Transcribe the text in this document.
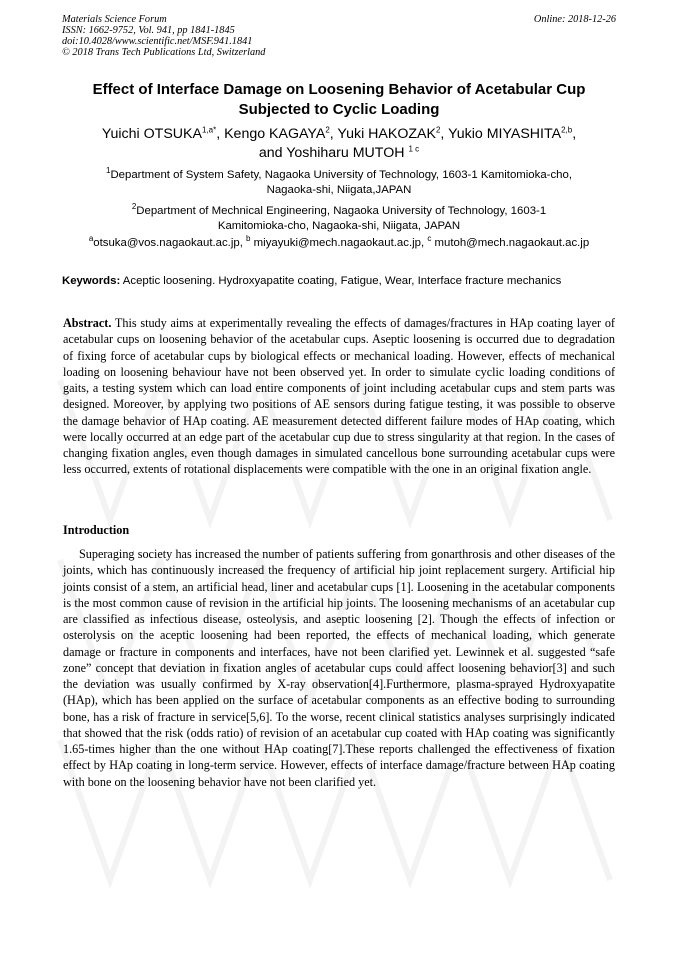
Materials Science Forum	Online: 2018-12-26
ISSN: 1662-9752, Vol. 941, pp 1841-1845
doi:10.4028/www.scientific.net/MSF.941.1841
© 2018 Trans Tech Publications Ltd, Switzerland
Effect of Interface Damage on Loosening Behavior of Acetabular Cup
Subjected to Cyclic Loading
Yuichi $OTSUKA^{1,a*}$, Kengo KAGAYA$^2$, Yuki HAKOZAK$^2$, Yukio MIYASHITA$^{2,b}$,
and Yoshiharu MUTOH $^{1 c}$
$^1$Department of System Safety, Nagaoka University of Technology, 1603-1 Kamitomioka-cho,
Nagaoka-shi, Niigata,JAPAN
$^2$Department of Mechnical Engineering, Nagaoka University of Technology, 1603-1
Kamitomioka-cho, Nagaoka-shi, Niigata, JAPAN
$^a$otsuka@vos.nagaokaut.ac.jp, $^b$ miyayuki@mech.nagaokaut.ac.jp, $^c$ mutoh@mech.nagaokaut.ac.jp
Keywords: Aceptic loosening. Hydroxyapatite coating, Fatigue, Wear, Interface fracture mechanics
Abstract. This study aims at experimentally revealing the effects of damages/fractures in HAp coating layer of acetabular cups on loosening behavior of the acetabular cups. Aseptic loosening is occurred due to degradation of fixing force of acetabular cups by biological effects or mechanical loading. However, effects of mechanical loading on loosening behaviour have not been observed yet. In order to simulate cyclic loading conditions of gaits, a testing system which can load entire components of joint including acetabular cups and stem parts was designed. Moreover, by applying two positions of AE sensors during fatigue testing, it was possible to observe the damage behavior of HAp coating. AE measurement detected different failure modes of HAp coating, which were locally occurred at an edge part of the acetabular cup due to stress singularity at that region. In the cases of changing fixation angles, even though damages in simulated cancellous bone surrounding acetabular cups were less occurred, extents of rotational displacements were compatible with the one in an original fixation angle.
Introduction
Superaging society has increased the number of patients suffering from gonarthrosis and other diseases of the joints, which has continuously increased the frequency of artificial hip joint replacement surgery. Artificial hip joints consist of a stem, an artificial head, liner and acetabular cups [1]. Loosening in the acetabular components is the most common cause of revision in the artificial hip joints. The loosening mechanisms of an acetabular cup are classified as infectious disease, osteolysis, and aseptic loosening [2]. Though the effects of infection or osterolysis on the aceptic loosening had been reported, the effects of mechanical loading, which generate damage or fracture in components and interfaces, have not been clarified yet. Lewinnek et al. suggested “safe zone” concept that deviation in fixation angles of acetabular cups could affect loosening behavior[3] and such the deviation was usually confirmed by X-ray observation[4].Furthermore, plasma-sprayed Hydroxyapatite (HAp), which has been applied on the surface of acetabular components as an effective boding to surrounding bone, has a risk of fracture in service[5,6]. To the worse, recent clinical statistics analyses surprisingly indicated that showed that the risk (odds ratio) of revision of an acetabular cup coated with HAp coating was significantly 1.65-times higher than the one without HAp coating[7].These reports challenged the effectiveness of fixation effect by HAp coating in long-term service. However, effects of interface damage/fracture between HAp coating with bone on the loosening behavior have not been clarified yet.
